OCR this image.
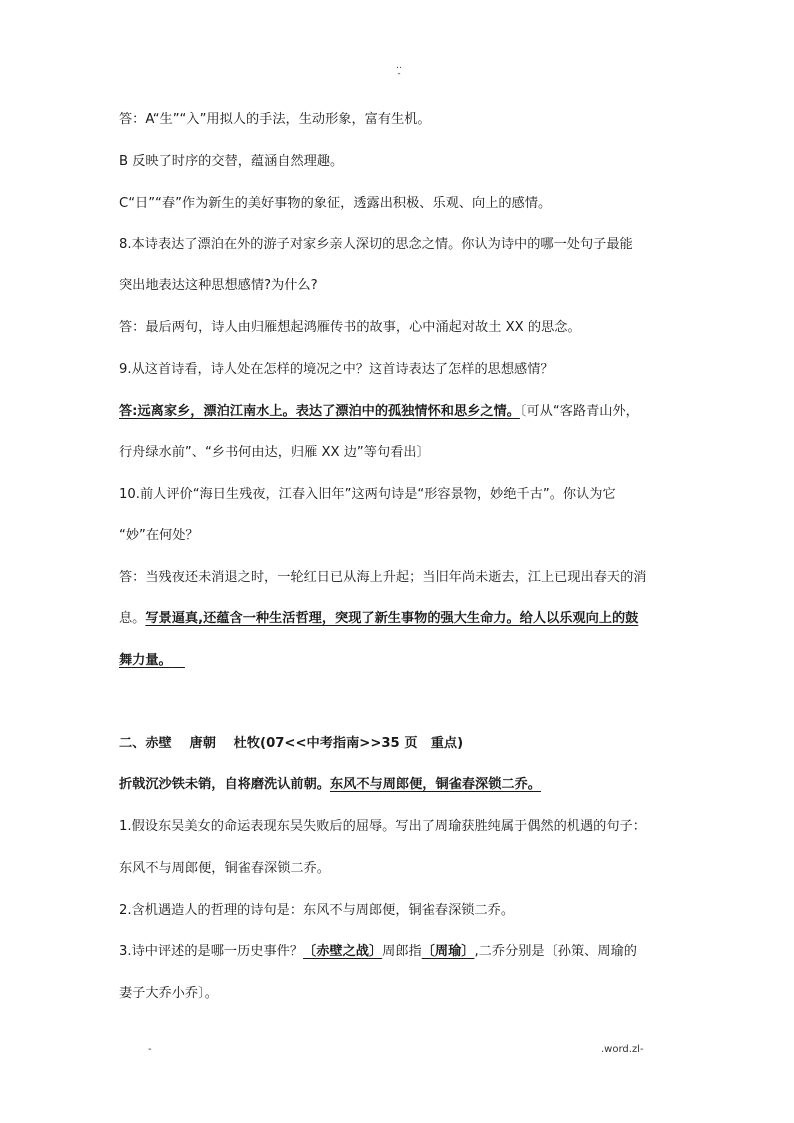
..
-
答：A“生”“入”用拟人的手法，生动形象，富有生机。
B 反映了时序的交替，蕴涵自然理趣。
C“日”“春”作为新生的美好事物的象征，透露出积极、乐观、向上的感情。
8.本诗表达了漂泊在外的游子对家乡亲人深切的思念之情。你认为诗中的哪一处句子最能
突出地表达这种思想感情?为什么?
答：最后两句，诗人由归雁想起鸿雁传书的故事，心中涌起对故土 XX 的思念。
9.从这首诗看，诗人处在怎样的境况之中？这首诗表达了怎样的思想感情？
答:远离家乡，漂泊江南水上。表达了漂泊中的孤独情怀和思乡之情。〔可从“客路青山外，
行舟绿水前”、“乡书何由达，归雁 XX 边”等句看出〕
10.前人评价“海日生残夜，江春入旧年”这两句诗是“形容景物，妙绝千古”。你认为它
“妙”在何处？
答：当残夜还未消退之时，一轮红日已从海上升起；当旧年尚未逝去，江上已现出春天的消
息。写景逼真,还蕴含一种生活哲理，突现了新生事物的强大生命力。给人以乐观向上的鼓
舞力量。 
二、赤壁　 唐朝　 杜牧(07<<中考指南>>35 页　重点)
折戟沉沙铁未销，自将磨洗认前朝。东风不与周郎便，铜雀春深锁二乔。
1.假设东吴美女的命运表现东吴失败后的屈辱。写出了周瑜获胜纯属于偶然的机遇的句子：
东风不与周郎便，铜雀春深锁二乔。
2.含机遇造人的哲理的诗句是：东风不与周郎便，铜雀春深锁二乔。
3.诗中评述的是哪一历史事件？〔赤壁之战〕周郎指〔周瑜〕,二乔分别是〔孙策、周瑜的
妻子大乔小乔〕。
-	.word.zl-
